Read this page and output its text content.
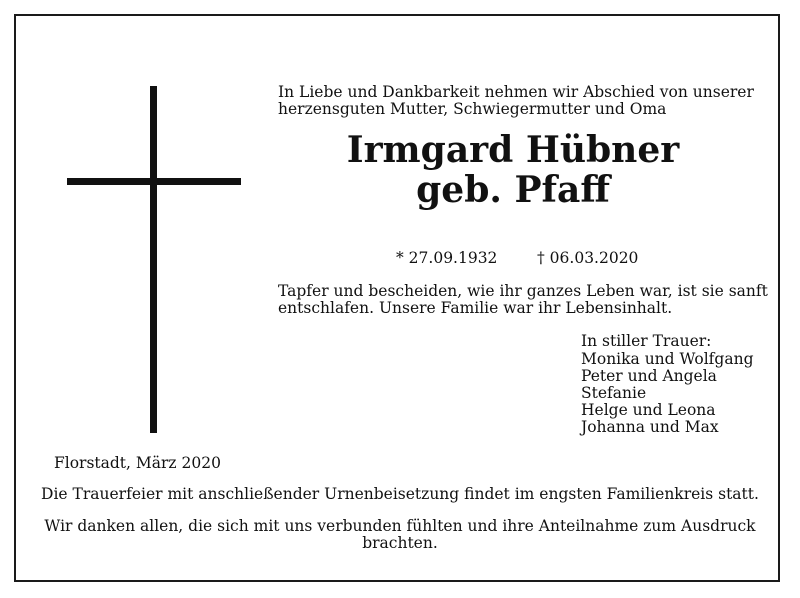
In Liebe und Dankbarkeit nehmen wir Abschied von unserer
herzensguten Mutter, Schwiegermutter und Oma
Irmgard Hübner
geb. Pfaff
* 27.09.1932	† 06.03.2020
Tapfer und bescheiden, wie ihr ganzes Leben war, ist sie sanft
entschlafen. Unsere Familie war ihr Lebensinhalt.
In stiller Trauer:
Monika und Wolfgang
Peter und Angela
Stefanie
Helge und Leona
Johanna und Max
Florstadt, März 2020
Die Trauerfeier mit anschließender Urnenbeisetzung findet im engsten Familienkreis statt.
Wir danken allen, die sich mit uns verbunden fühlten und ihre Anteilnahme zum Ausdruck
brachten.
